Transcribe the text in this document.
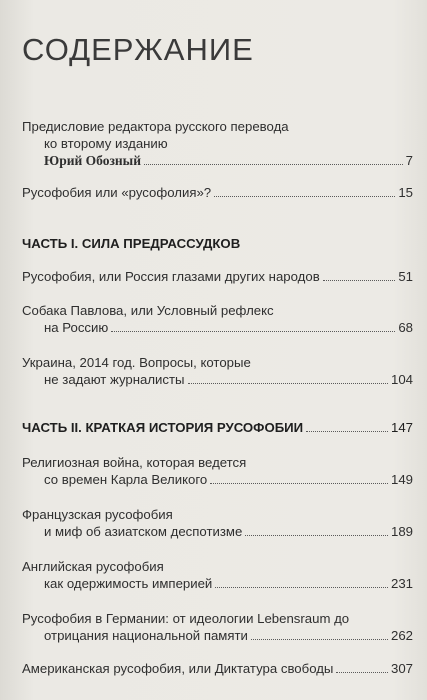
СОДЕРЖАНИЕ
Предисловие редактора русского перевода
ко второму изданию
Юрий Обозный	7
Русофобия или «русофолия»?	15
ЧАСТЬ I. СИЛА ПРЕДРАССУДКОВ
Русофобия, или Россия глазами других народов	51
Собака Павлова, или Условный рефлекс
на Россию	68
Украина, 2014 год. Вопросы, которые
не задают журналисты	104
ЧАСТЬ II. КРАТКАЯ ИСТОРИЯ РУСОФОБИИ	147
Религиозная война, которая ведется
со времен Карла Великого	149
Французская русофобия
и миф об азиатском деспотизме	189
Английская русофобия
как одержимость империей	231
Русофобия в Германии: от идеологии Lebensraum до
отрицания национальной памяти	262
Американская русофобия, или Диктатура свободы	307
